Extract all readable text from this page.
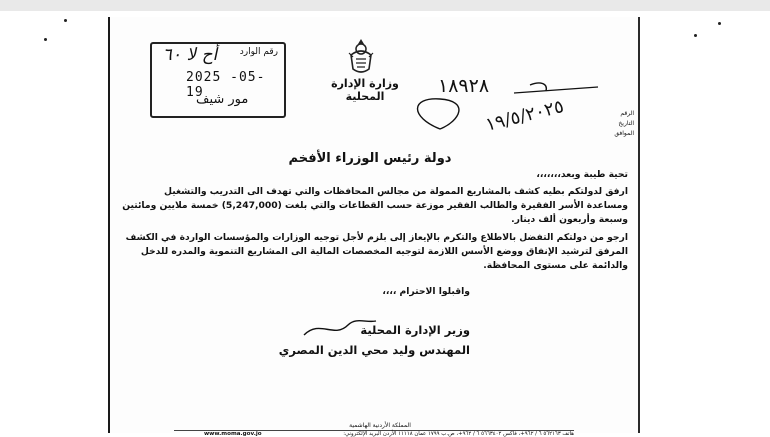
رقم الوارد
أح لا ٦٠
2025 -05- 19
مور شيف
وزارة الإدارة المحلية	١٨٩٢٨
الرقم
التاريخ
الموافق
١٩/٥/٢٠٢٥
دولة رئيس الوزراء الأفخم
تحية طيبة وبعد،،،،،،،
ارفق لدولتكم بطيه كشف بالمشاريع الممولة من مجالس المحافظات والتي تهدف الى التدريب والتشغيل ومساعدة الأسر الفقيرة والطالب الفقير موزعة حسب القطاعات والتي بلغت (5,247,000) خمسة ملايين ومائتين وسبعة وأربعون ألف دينار.
ارجو من دولتكم التفضل بالاطلاع والتكرم بالإيعاز إلى بلزم لأجل توجيه الوزارات والمؤسسات الواردة في الكشف المرفق لترشيد الإنفاق ووضع الأسس اللازمة لتوجيه المخصصات المالية الى المشاريع التنموية والمدره للدخل والدائمة على مستوى المحافظة.
واقبلوا الاحترام ،،،،
وزير الإدارة المحلية
المهندس وليد محي الدين المصري
المملكة الأردنية الهاشمية
هاتف ٥٦٢١٦٣ ٦ / ٩٦٢+، فاكس ٥٦٦٣٤٠٢ ٦ / ٩٦٢+، ص.ب ١٧٩٩ عمان ١١١١٨ الأردن البريد الإلكتروني:
www.moma.gov.jo
